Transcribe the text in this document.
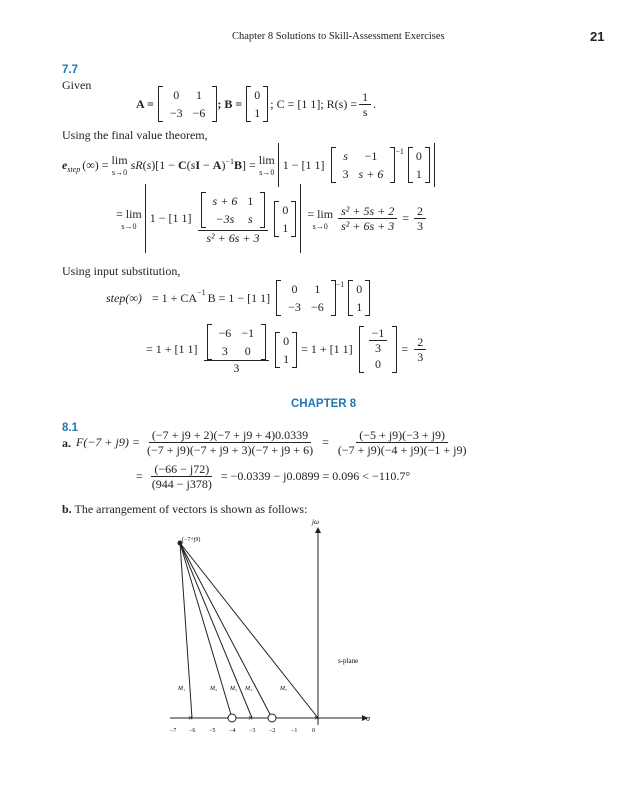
Chapter 8 Solutions to Skill-Assessment Exercises	21
7.7
Given
A =
0	1
−3	−6
; B =
0
1
; C = [1 1]; $R(s) = \frac{1}{s}$ .
Using the final value theorem,
e step (∞) = lim
s→0
sR (s)[1 − C(sI − A)$^{-1}$B] = lim
s→0
1 − [1 1]
s	−1
3	s + 6
$^{-1}$ 0
1
= lim
s→0
1 − [1 1] s + 6	1
−3s	s
s² + 6s + 3 0
1
= lim
$s\to 0 \frac{\text{s² + 5s + 2}}{\text{s² + 6s + 3}} = \frac{2}{3}$
Using input substitution,
step(∞) = $1 + CA^{-1}$ B = 1 − [1 1]
0	1
−3	−6
$^{-1}$ 0
1
= 1 + [1 1] −6	−1
3	0
3 0
1
= 1 + [1 $1] \frac{-1}{3}$

0
= $\frac{2}{3}$
CHAPTER 8
8.1
a. $F(-7 + j9) = \frac{(-7 + j9 + 2)(-7 + j9 + 4)0.0339}{(-7 + j9)(-7 + j9 + 3)(-7 + j9 + 6)} = \frac{(-5 + j9)(-3 + j9)}{(-7 + j9)(-4 + j9)(-1 + j9)}$
= $\frac{(-66 - j72)}{(944 - j378)} = -0.0339 - j0.0899 = 0.096 < -110.7^\circ$
b. The arrangement of vectors is shown as follows:
jω
s-plane
σ
(−7+j9)
×	×	×
M₁	M₂ M₃ M₄	M₅
−7 −6 −5 −4 −3 −2	−1 0
